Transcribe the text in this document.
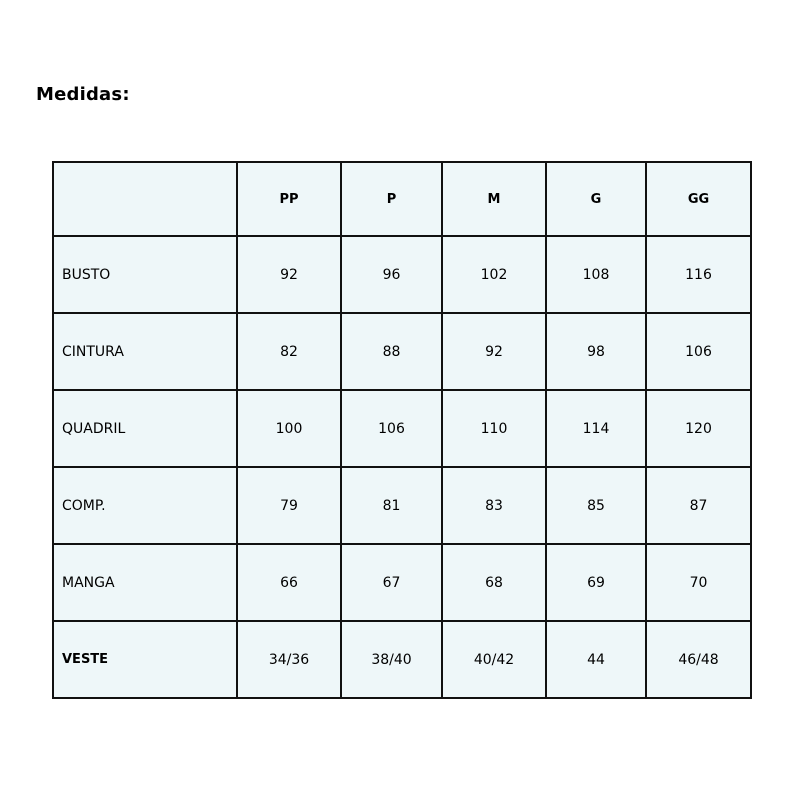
Medidas:
	PP	P	M	G	GG
BUSTO	92	96	102	108	116
CINTURA	82	88	92	98	106
QUADRIL	100	106	110	114	120
COMP.	79	81	83	85	87
MANGA	66	67	68	69	70
VESTE	34/36	38/40	40/42	44	46/48
